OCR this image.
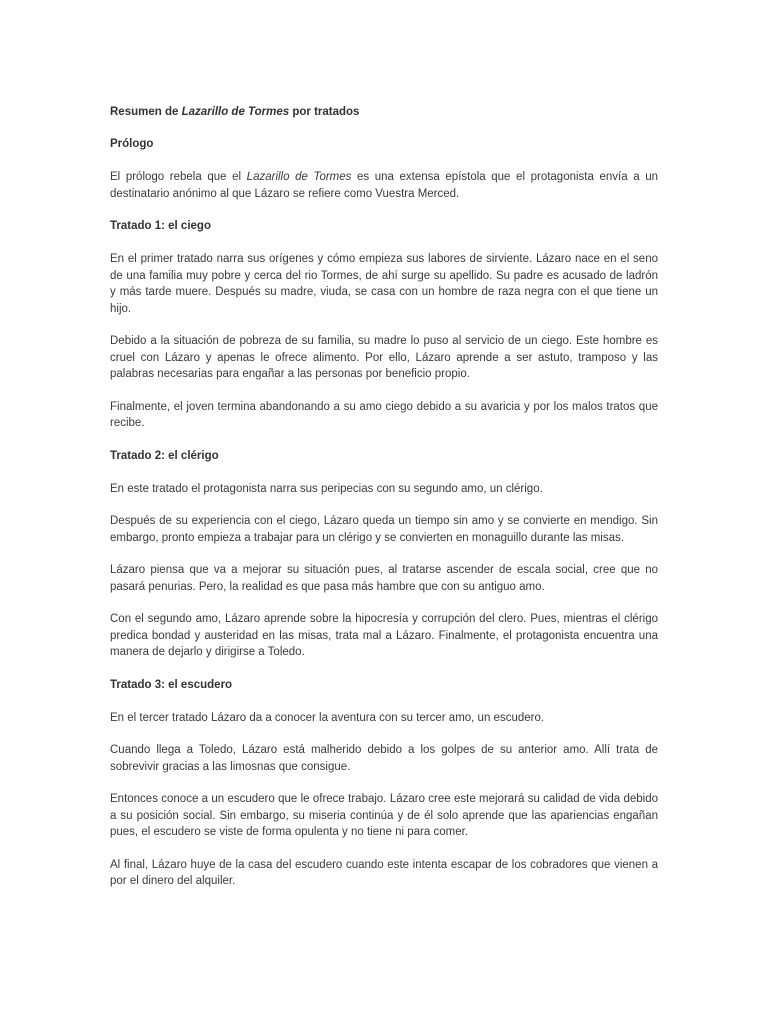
Resumen de Lazarillo de Tormes por tratados
Prólogo

El prólogo rebela que el Lazarillo de Tormes es una extensa epístola que el protagonista envía a un destinatario anónimo al que Lázaro se refiere como Vuestra Merced.

Tratado 1: el ciego

En el primer tratado narra sus orígenes y cómo empieza sus labores de sirviente. Lázaro nace en el seno de una familia muy pobre y cerca del rio Tormes, de ahí surge su apellido. Su padre es acusado de ladrón y más tarde muere. Después su madre, viuda, se casa con un hombre de raza negra con el que tiene un hijo.

Debido a la situación de pobreza de su familia, su madre lo puso al servicio de un ciego. Este hombre es cruel con Lázaro y apenas le ofrece alimento. Por ello, Lázaro aprende a ser astuto, tramposo y las palabras necesarias para engañar a las personas por beneficio propio.

Finalmente, el joven termina abandonando a su amo ciego debido a su avaricia y por los malos tratos que recibe.

Tratado 2: el clérigo

En este tratado el protagonista narra sus peripecias con su segundo amo, un clérigo.

Después de su experiencia con el ciego, Lázaro queda un tiempo sin amo y se convierte en mendigo. Sin embargo, pronto empieza a trabajar para un clérigo y se convierten en monaguillo durante las misas.

Lázaro piensa que va a mejorar su situación pues, al tratarse ascender de escala social, cree que no pasará penurias. Pero, la realidad es que pasa más hambre que con su antiguo amo.

Con el segundo amo, Lázaro aprende sobre la hipocresía y corrupción del clero. Pues, mientras el clérigo predica bondad y austeridad en las misas, trata mal a Lázaro. Finalmente, el protagonista encuentra una manera de dejarlo y dirigirse a Toledo.

Tratado 3: el escudero

En el tercer tratado Lázaro da a conocer la aventura con su tercer amo, un escudero.

Cuando llega a Toledo, Lázaro está malherido debido a los golpes de su anterior amo. Allí trata de sobrevivir gracias a las limosnas que consigue.

Entonces conoce a un escudero que le ofrece trabajo. Lázaro cree este mejorará su calidad de vida debido a su posición social. Sin embargo, su miseria continúa y de él solo aprende que las apariencias engañan pues, el escudero se viste de forma opulenta y no tiene ni para comer.

Al final, Lázaro huye de la casa del escudero cuando este intenta escapar de los cobradores que vienen a por el dinero del alquiler.
